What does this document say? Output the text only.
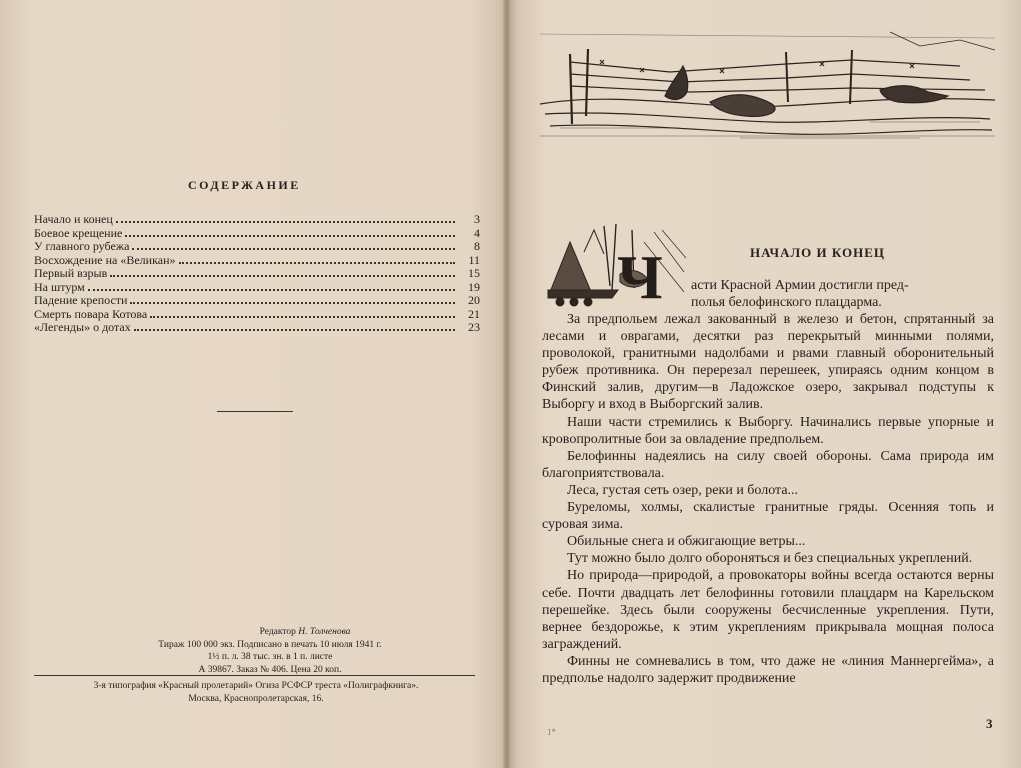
СОДЕРЖАНИЕ
Начало и конец	3
Боевое крещение	4
У главного рубежа	8
Восхождение на «Великан»	11
Первый взрыв	15
На штурм	19
Падение крепости	20
Смерть повара Котова	21
«Легенды» о дотах	23
Редактор Н. Толченова
Тираж 100 000 экз. Подписано в печать 10 июля 1941 г.
1½ п. л. 38 тыс. зн. в 1 п. листе
А 39867. Заказ № 406. Цена 20 коп.
3-я типография «Красный пролетарий» Огиза РСФСР треста «Полиграфкнига».
Москва, Краснопролетарская, 16.
Ч	НАЧАЛО И КОНЕЦ
асти Красной Армии достигли пред-
полья белофинского плацдарма.

За предпольем лежал закованный в железо и бетон, спрятанный за лесами и оврагами, десятки раз перекрытый минными полями, проволокой, гранитными надолбами и рвами главный оборонительный рубеж противника. Он перерезал перешеек, упираясь одним концом в Финский залив, другим—в Ладожское озеро, закрывал подступы к Выборгу и вход в Выборгский залив.

Наши части стремились к Выборгу. Начинались первые упорные и кровопролитные бои за овладение предпольем.

Белофинны надеялись на силу своей обороны. Сама природа им благоприятствовала.

Леса, густая сеть озер, реки и болота...

Буреломы, холмы, скалистые гранитные гряды. Осенняя топь и суровая зима.

Обильные снега и обжигающие ветры...

Тут можно было долго обороняться и без специальных укреплений.

Но природа—природой, а провокаторы войны всегда остаются верны себе. Почти двадцать лет белофинны готовили плацдарм на Карельском перешейке. Здесь были сооружены бесчисленные укрепления. Пути, вернее бездорожье, к этим укреплениям прикрывала мощная полоса заграждений.

Финны не сомневались в том, что даже не «линия Маннергейма», а предполье надолго задержит продвижение

3
1*
